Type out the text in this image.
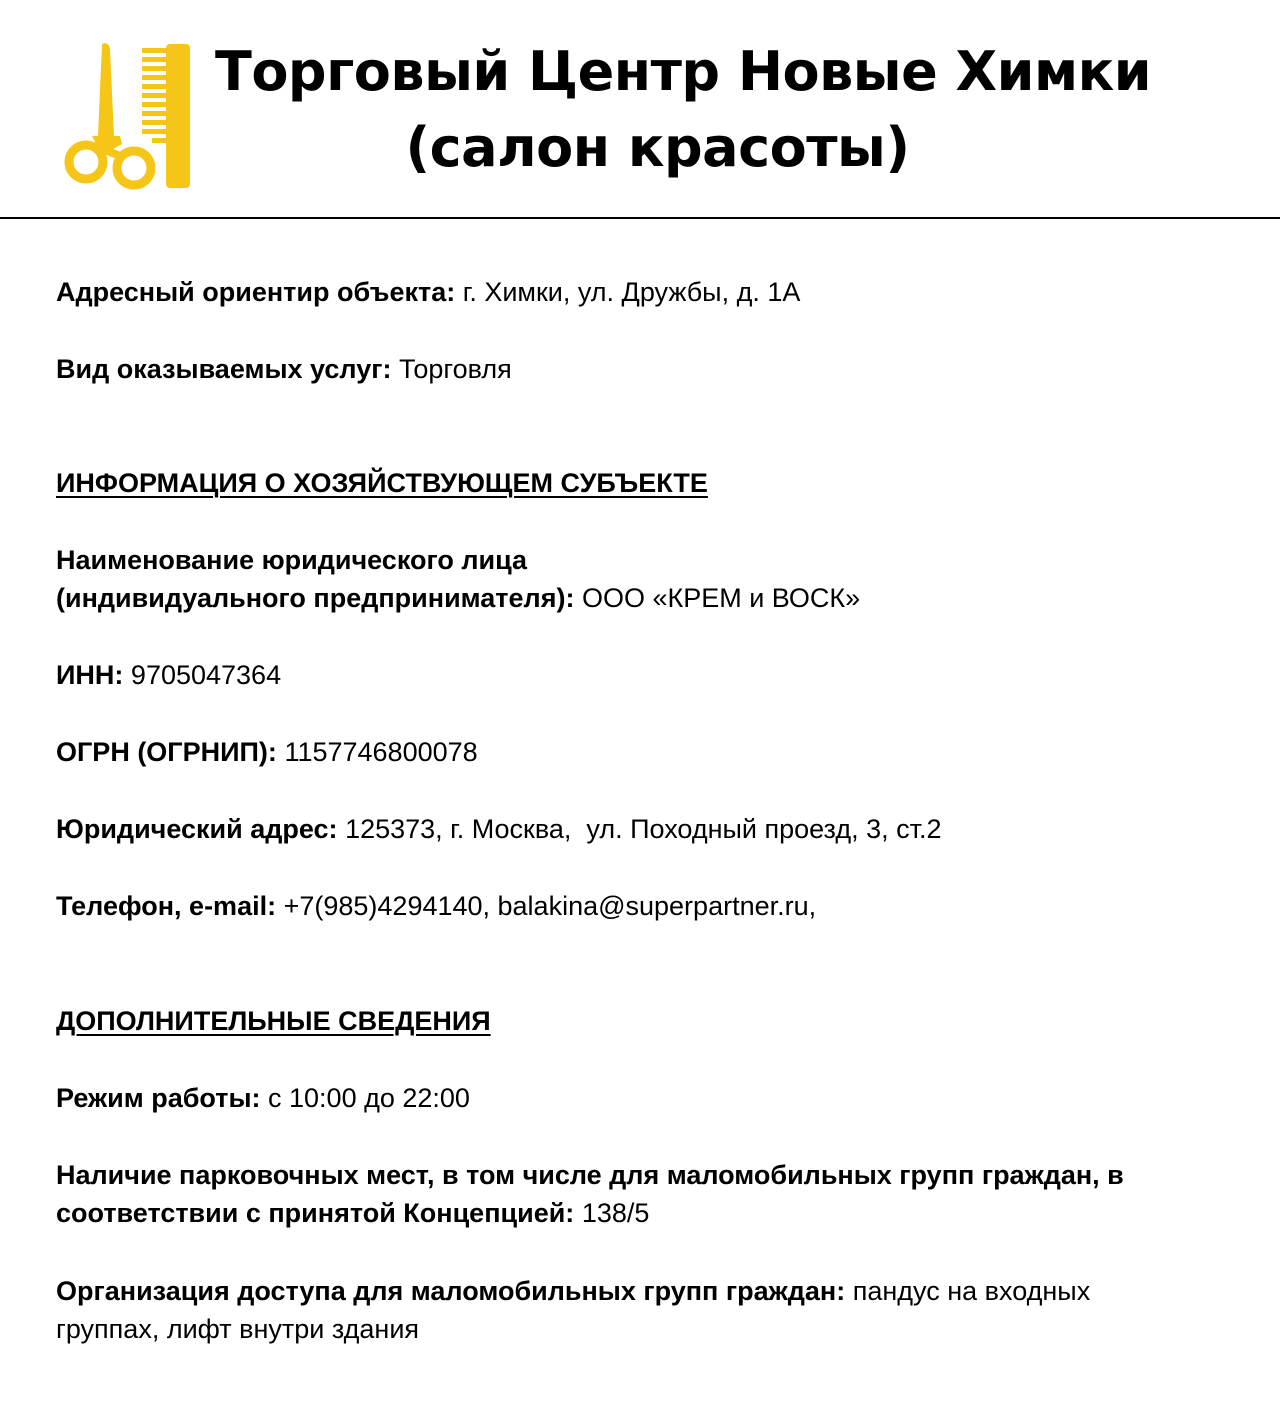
Торговый Центр Новые Химки
(салон красоты)

Адресный ориентир объекта: г. Химки, ул. Дружбы, д. 1А

Вид оказываемых услуг: Торговля

ИНФОРМАЦИЯ О ХОЗЯЙСТВУЮЩЕМ СУБЪЕКТЕ

Наименование юридического лица
(индивидуального предпринимателя): ООО «КРЕМ и ВОСК»

ИНН: 9705047364

ОГРН (ОГРНИП): 1157746800078

Юридический адрес: 125373, г. Москва,  ул. Походный проезд, 3, ст.2

Телефон, e-mail: +7(985)4294140, balakina@superpartner.ru,

ДОПОЛНИТЕЛЬНЫЕ СВЕДЕНИЯ

Режим работы: с 10:00 до 22:00

Наличие парковочных мест, в том числе для маломобильных групп граждан, в
соответствии с принятой Концепцией: 138/5

Организация доступа для маломобильных групп граждан: пандус на входных
группах, лифт внутри здания
